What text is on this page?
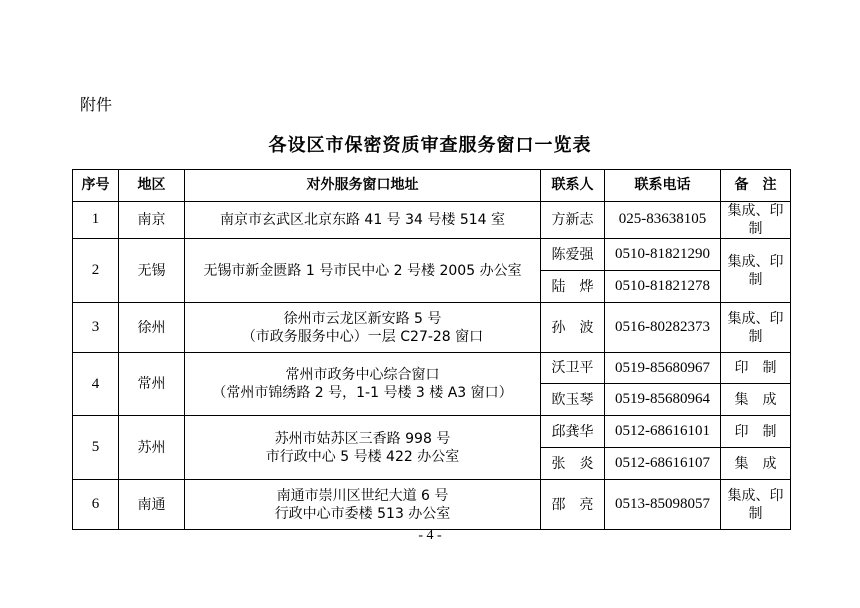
附件
各设区市保密资质审查服务窗口一览表
序号	地区	对外服务窗口地址	联系人	联系电话	备　注
1	南京	南京市玄武区北京东路 41 号 34 号楼 514 室	方新志	025-83638105	集成、印制
2	无锡	无锡市新金匮路 1 号市民中心 2 号楼 2005 办公室	陈爱强	0510-81821290	集成、印制
			陆　烨	0510-81821278	
3	徐州	徐州市云龙区新安路 5 号
（市政务服务中心）一层 C27-28 窗口	孙　波	0516-80282373	集成、印制
4	常州	常州市政务中心综合窗口
（常州市锦绣路 2 号，1-1 号楼 3 楼 A3 窗口）	沃卫平	0519-85680967	印　制
			欧玉琴	0519-85680964	集　成
5	苏州	苏州市姑苏区三香路 998 号
市行政中心 5 号楼 422 办公室	邱龚华	0512-68616101	印　制
			张　炎	0512-68616107	集　成
6	南通	南通市崇川区世纪大道 6 号
行政中心市委楼 513 办公室	邵　亮	0513-85098057	集成、印制
- 4 -
